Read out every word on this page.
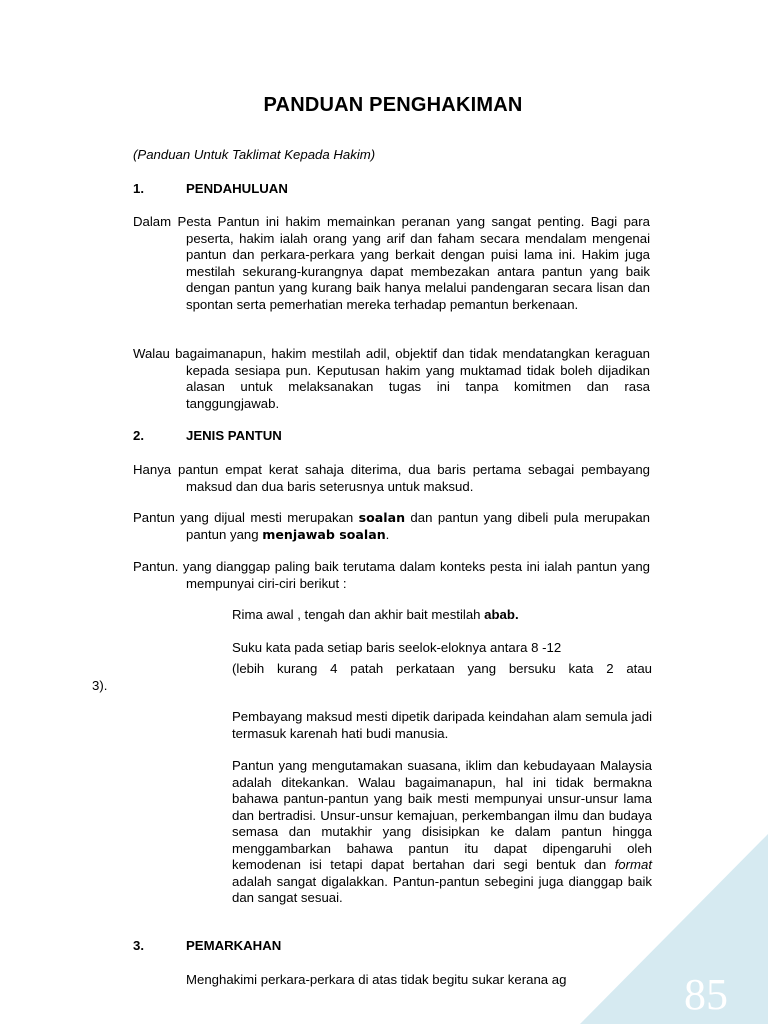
PANDUAN PENGHAKIMAN
(Panduan Untuk Taklimat Kepada Hakim)
1.	PENDAHULUAN
Dalam Pesta Pantun ini hakim memainkan peranan yang sangat penting. Bagi para peserta, hakim ialah orang yang arif dan faham secara mendalam mengenai pantun dan perkara-perkara yang berkait dengan puisi lama ini. Hakim juga mestilah sekurang-kurangnya dapat membezakan antara pantun yang baik dengan pantun yang kurang baik hanya melalui pandengaran secara lisan dan spontan serta pemerhatian mereka terhadap pemantun berkenaan.
Walau bagaimanapun, hakim mestilah adil, objektif dan tidak mendatangkan keraguan kepada sesiapa pun. Keputusan hakim yang muktamad tidak boleh dijadikan alasan untuk melaksanakan tugas ini tanpa komitmen dan rasa tanggungjawab.
2.	JENIS PANTUN
Hanya pantun empat kerat sahaja diterima, dua baris pertama sebagai pembayang maksud dan dua baris seterusnya untuk maksud.
Pantun yang dijual mesti merupakan soalan dan pantun yang dibeli pula merupakan pantun yang menjawab soalan.
Pantun. yang dianggap paling baik terutama dalam konteks pesta ini ialah pantun yang mempunyai ciri-ciri berikut :
Rima awal , tengah dan akhir bait mestilah abab.
Suku kata pada setiap baris seelok-eloknya antara 8 -12
(lebih kurang 4 patah perkataan yang bersuku kata 2 atau
3).
Pembayang maksud mesti dipetik daripada keindahan alam semula jadi termasuk karenah hati budi manusia.
Pantun yang mengutamakan suasana, iklim dan kebudayaan Malaysia adalah ditekankan. Walau bagaimanapun, hal ini tidak bermakna bahawa pantun-pantun yang baik mesti mempunyai unsur-unsur lama dan bertradisi. Unsur-unsur kemajuan, perkembangan ilmu dan budaya semasa dan mutakhir yang disisipkan ke dalam pantun hingga menggambarkan bahawa pantun itu dapat dipengaruhi oleh kemodenan isi tetapi dapat bertahan dari segi bentuk dan format adalah sangat digalakkan. Pantun-pantun sebegini juga dianggap baik dan sangat sesuai.
3.	PEMARKAHAN
Menghakimi perkara-perkara di atas tidak begitu sukar kerana ag	85
